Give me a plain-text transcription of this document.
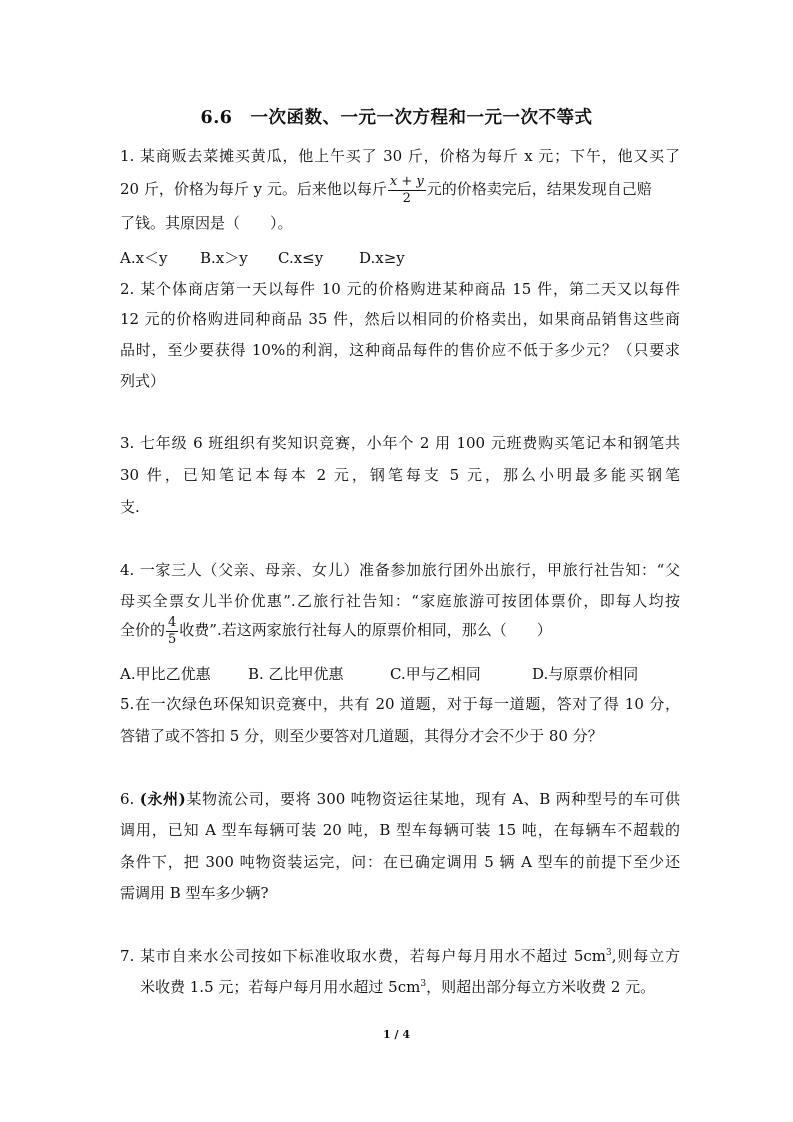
6.6　一次函数、一元一次方程和一元一次不等式
1. 某商贩去菜摊买黄瓜，他上午买了 30 斤，价格为每斤 x 元；下午，他又买了
20 斤，价格为每斤 y 元。后来他以每斤 $\frac{x + y}{2}$ 元的价格卖完后，结果发现自己赔
了钱。其原因是（　　）。
A.x＜y B.x＞y C.x≤y D.x≥y
2. 某个体商店第一天以每件 10 元的价格购进某种商品 15 件，第二天又以每件
12 元的价格购进同种商品 35 件，然后以相同的价格卖出，如果商品销售这些商
品时，至少要获得 10%的利润，这种商品每件的售价应不低于多少元？（只要求
列式）
3. 七年级 6 班组织有奖知识竞赛，小年个 2 用 100 元班费购买笔记本和钢笔共
30 件，已知笔记本每本 2 元，钢笔每支 5 元，那么小明最多能买钢笔
支.
4. 一家三人（父亲、母亲、女儿）准备参加旅行团外出旅行，甲旅行社告知：“父
母买全票女儿半价优惠”.乙旅行社告知：“家庭旅游可按团体票价，即每人均按
全价的 $\frac{4}{5}$ 收费”.若这两家旅行社每人的原票价相同，那么（　　）
A.甲比乙优惠 B. 乙比甲优惠	C.甲与乙相同	D.与原票价相同
5.在一次绿色环保知识竞赛中，共有 20 道题，对于每一道题，答对了得 10 分，
答错了或不答扣 5 分，则至少要答对几道题，其得分才会不少于 80 分？
6. (永州)某物流公司，要将 300 吨物资运往某地，现有 A、B 两种型号的车可供
调用，已知 A 型车每辆可装 20 吨，B 型车每辆可装 15 吨，在每辆车不超载的
条件下，把 300 吨物资装运完，问：在已确定调用 5 辆 A 型车的前提下至少还
需调用 B 型车多少辆?
7. 某市自来水公司按如下标准收取水费，若每户每月用水不超过 $5cm^3$,则每立方
米收费 1.5 元；若每户每月用水超过 $5cm^3$，则超出部分每立方米收费 2 元。
1 / 4
